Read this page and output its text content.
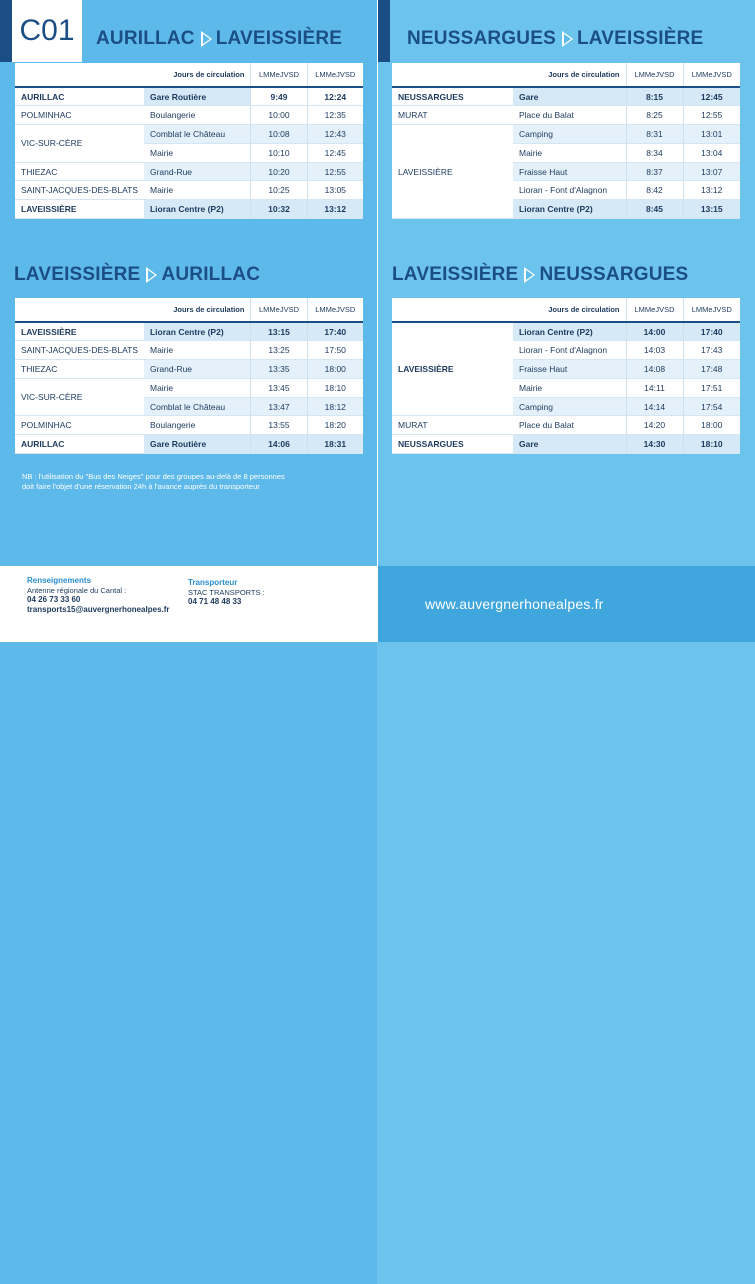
C01	AURILLAC LAVEISSIÈRE	NEUSSARGUES LAVEISSIÈRE
LAVEISSIÈRE AURILLAC	LAVEISSIÈRE NEUSSARGUES
Jours de circulation		LMMeJVSD	LMMeJVSD
AURILLAC	Gare Routière	9:49	12:24
POLMINHAC	Boulangerie	10:00	12:35
VIC-SUR-CÈRE	Comblat le Château	10:08	12:43
	Mairie	10:10	12:45
THIEZAC	Grand-Rue	10:20	12:55
SAINT-JACQUES-DES-BLATS	Mairie	10:25	13:05
LAVEISSIÈRE	Lioran Centre (P2)	10:32	13:12
Jours de circulation		LMMeJVSD	LMMeJVSD
NEUSSARGUES	Gare	8:15	12:45
MURAT	Place du Balat	8:25	12:55
LAVEISSIÈRE	Camping	8:31	13:01
	Mairie	8:34	13:04
	Fraisse Haut	8:37	13:07
	Lioran - Font d'Alagnon	8:42	13:12
	Lioran Centre (P2)	8:45	13:15
Jours de circulation		LMMeJVSD	LMMeJVSD
LAVEISSIÈRE	Lioran Centre (P2)	13:15	17:40
SAINT-JACQUES-DES-BLATS	Mairie	13:25	17:50
THIEZAC	Grand-Rue	13:35	18:00
VIC-SUR-CÈRE	Mairie	13:45	18:10
	Comblat le Château	13:47	18:12
POLMINHAC	Boulangerie	13:55	18:20
AURILLAC	Gare Routière	14:06	18:31
Jours de circulation		LMMeJVSD	LMMeJVSD
LAVEISSIÈRE	Lioran Centre (P2)	14:00	17:40
	Lioran - Font d'Alagnon	14:03	17:43
	Fraisse Haut	14:08	17:48
	Mairie	14:11	17:51
	Camping	14:14	17:54
MURAT	Place du Balat	14:20	18:00
NEUSSARGUES	Gare	14:30	18:10
NB : l'utilisation du "Bus des Neiges" pour des groupes au-delà de 8 personnes
doit faire l'objet d'une réservation 24h à l'avance auprès du transporteur
Renseignements
Antenne régionale du Cantal :
04 26 73 33 60
transports15@auvergnerhonealpes.fr
Transporteur
STAC TRANSPORTS :
04 71 48 48 33	www.auvergnerhonealpes.fr
